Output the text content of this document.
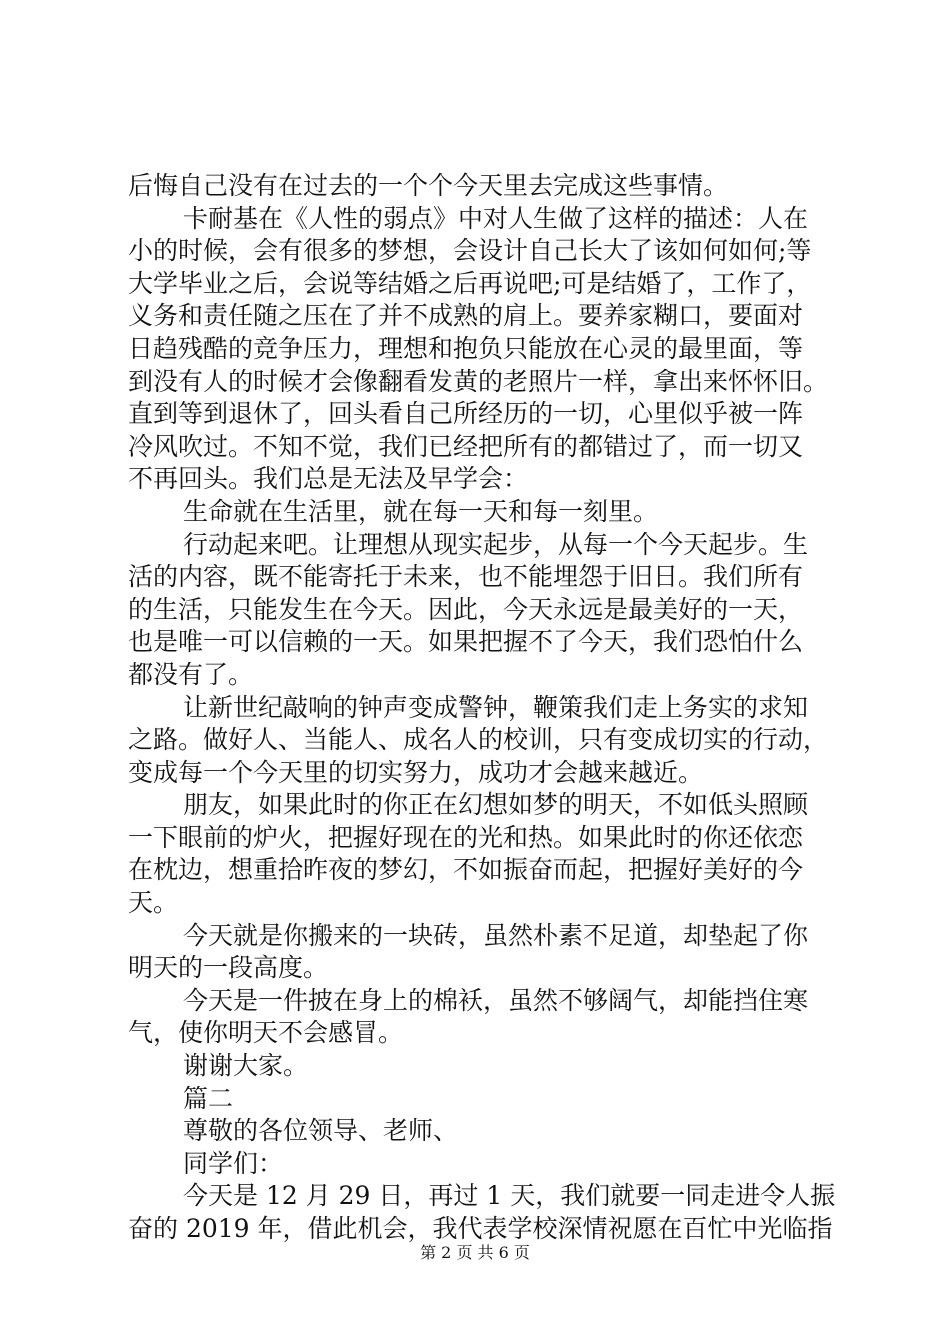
后悔自己没有在过去的一个个今天里去完成这些事情。
卡耐基在《人性的弱点》中对人生做了这样的描述：人在
小的时候，会有很多的梦想，会设计自己长大了该如何如何;等
大学毕业之后，会说等结婚之后再说吧;可是结婚了，工作了，
义务和责任随之压在了并不成熟的肩上。要养家糊口，要面对
日趋残酷的竞争压力，理想和抱负只能放在心灵的最里面，等
到没有人的时候才会像翻看发黄的老照片一样，拿出来怀怀旧。
直到等到退休了，回头看自己所经历的一切，心里似乎被一阵
冷风吹过。不知不觉，我们已经把所有的都错过了，而一切又
不再回头。我们总是无法及早学会：
生命就在生活里，就在每一天和每一刻里。
行动起来吧。让理想从现实起步，从每一个今天起步。生
活的内容，既不能寄托于未来，也不能埋怨于旧日。我们所有
的生活，只能发生在今天。因此，今天永远是最美好的一天，
也是唯一可以信赖的一天。如果把握不了今天，我们恐怕什么
都没有了。
让新世纪敲响的钟声变成警钟，鞭策我们走上务实的求知
之路。做好人、当能人、成名人的校训，只有变成切实的行动，
变成每一个今天里的切实努力，成功才会越来越近。
朋友，如果此时的你正在幻想如梦的明天，不如低头照顾
一下眼前的炉火，把握好现在的光和热。如果此时的你还依恋
在枕边，想重拾昨夜的梦幻，不如振奋而起，把握好美好的今
天。
今天就是你搬来的一块砖，虽然朴素不足道，却垫起了你
明天的一段高度。
今天是一件披在身上的棉袄，虽然不够阔气，却能挡住寒
气，使你明天不会感冒。
谢谢大家。
篇二
尊敬的各位领导、老师、
同学们：
今天是 12 月 29 日，再过 1 天，我们就要一同走进令人振
奋的 2019 年，借此机会，我代表学校深情祝愿在百忙中光临指
第 2 页 共 6 页
